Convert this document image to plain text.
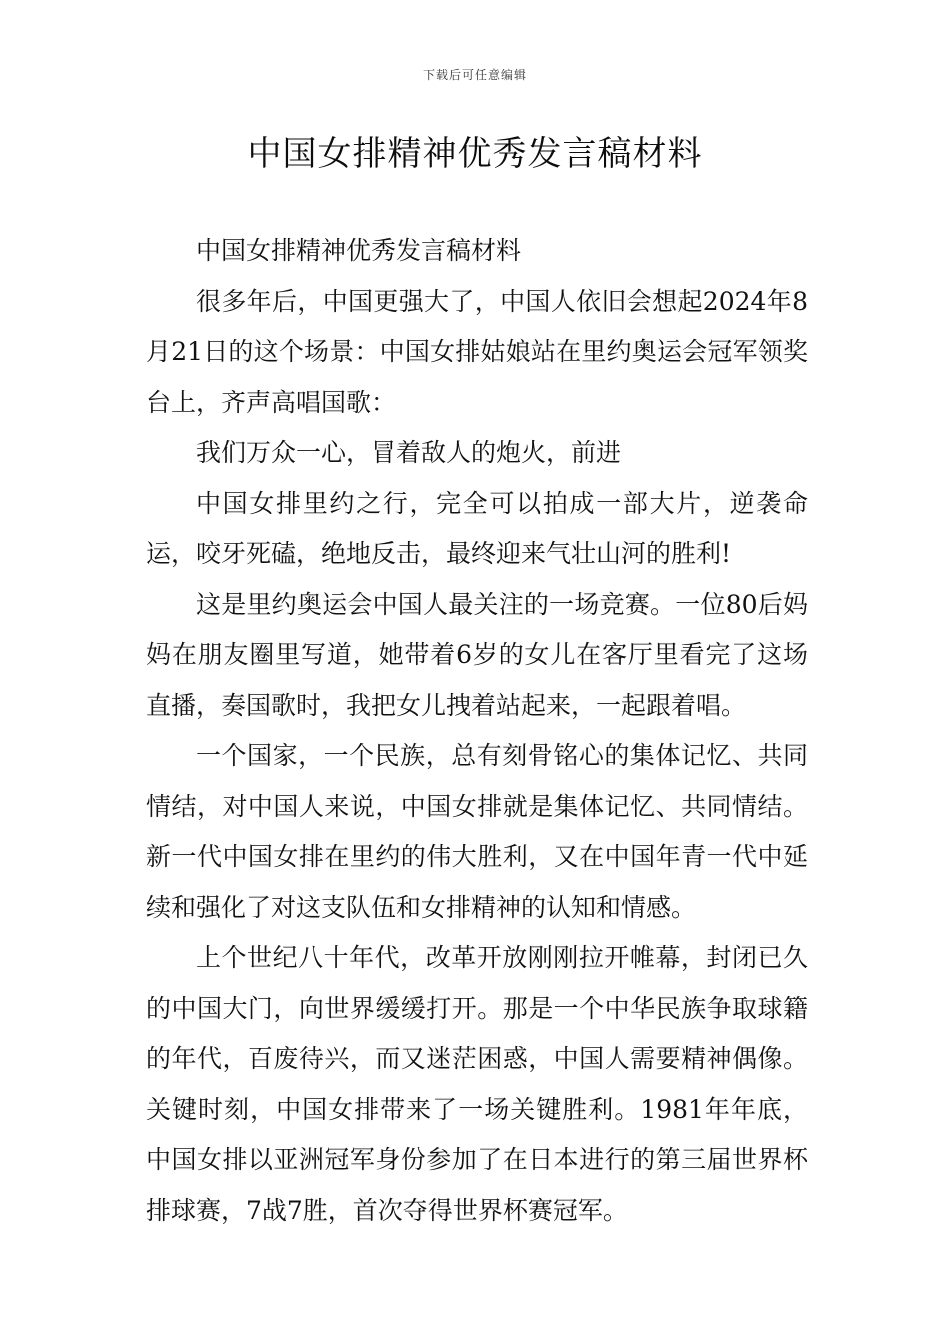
下载后可任意编辑
中国女排精神优秀发言稿材料

中国女排精神优秀发言稿材料

很多年后，中国更强大了，中国人依旧会想起2024年8月21日的这个场景：中国女排姑娘站在里约奥运会冠军领奖台上，齐声高唱国歌：

我们万众一心，冒着敌人的炮火，前进

中国女排里约之行，完全可以拍成一部大片，逆袭命运，咬牙死磕，绝地反击，最终迎来气壮山河的胜利!

这是里约奥运会中国人最关注的一场竞赛。一位80后妈妈在朋友圈里写道，她带着6岁的女儿在客厅里看完了这场直播，奏国歌时，我把女儿拽着站起来，一起跟着唱。

一个国家，一个民族，总有刻骨铭心的集体记忆、共同情结，对中国人来说，中国女排就是集体记忆、共同情结。新一代中国女排在里约的伟大胜利，又在中国年青一代中延续和强化了对这支队伍和女排精神的认知和情感。

上个世纪八十年代，改革开放刚刚拉开帷幕，封闭已久的中国大门，向世界缓缓打开。那是一个中华民族争取球籍的年代，百废待兴，而又迷茫困惑，中国人需要精神偶像。关键时刻，中国女排带来了一场关键胜利。1981年年底，中国女排以亚洲冠军身份参加了在日本进行的第三届世界杯排球赛，7战7胜，首次夺得世界杯赛冠军。
